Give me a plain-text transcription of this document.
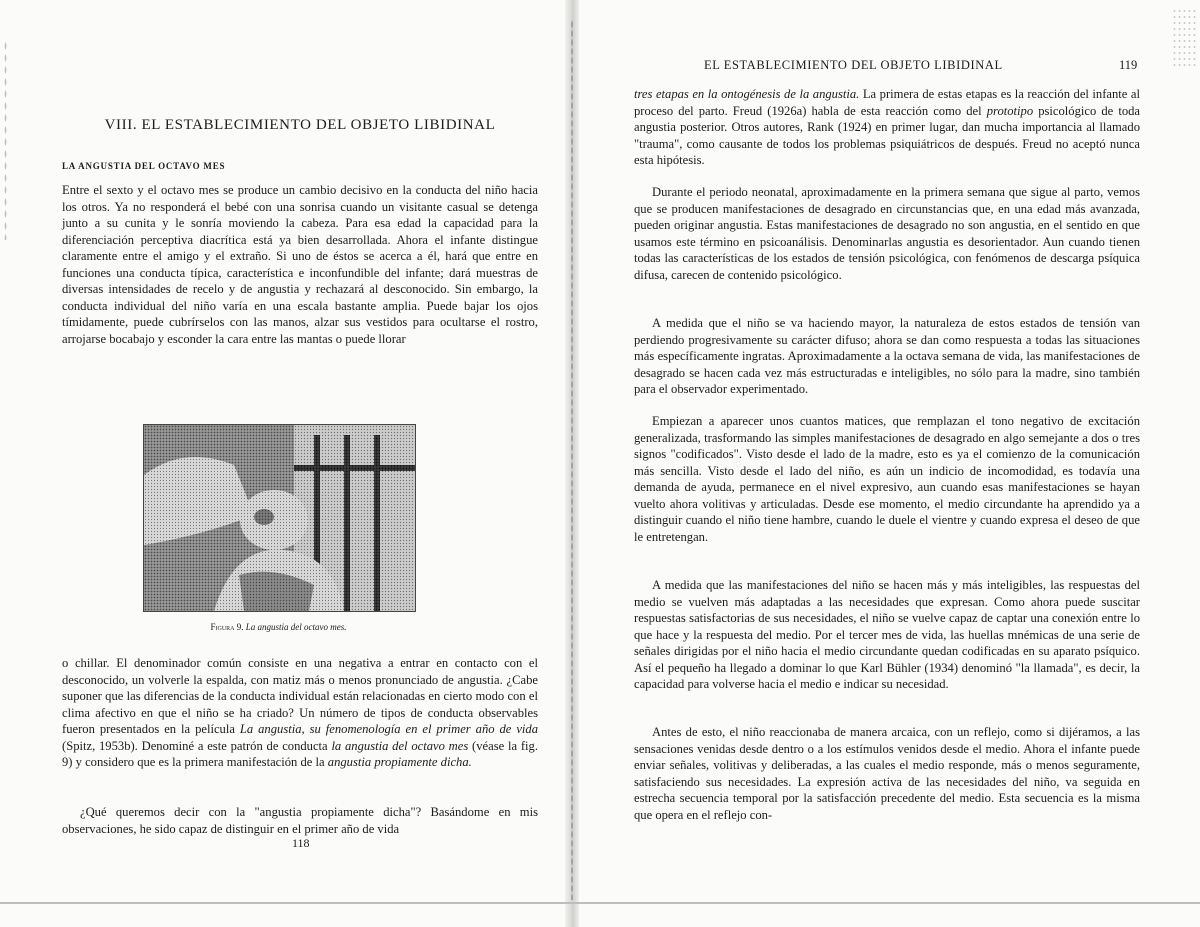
VIII. EL ESTABLECIMIENTO DEL OBJETO LIBIDINAL
LA ANGUSTIA DEL OCTAVO MES

Entre el sexto y el octavo mes se produce un cambio decisivo en la conducta del niño hacia los otros. Ya no responderá el bebé con una sonrisa cuando un visitante casual se detenga junto a su cunita y le sonría moviendo la cabeza. Para esa edad la capacidad para la diferenciación perceptiva diacrítica está ya bien desarrollada. Ahora el infante distingue claramente entre el amigo y el extraño. Si uno de éstos se acerca a él, hará que entre en funciones una conducta típica, característica e inconfundible del infante; dará muestras de diversas intensidades de recelo y de angustia y rechazará al desconocido. Sin embargo, la conducta individual del niño varía en una escala bastante amplia. Puede bajar los ojos tímidamente, puede cubrírselos con las manos, alzar sus vestidos para ocultarse el rostro, arrojarse bocabajo y esconder la cara entre las mantas o puede llorar

Figura 9. La angustia del octavo mes.

o chillar. El denominador común consiste en una negativa a entrar en contacto con el desconocido, un volverle la espalda, con matiz más o menos pronunciado de angustia. ¿Cabe suponer que las diferencias de la conducta individual están relacionadas en cierto modo con el clima afectivo en que el niño se ha criado? Un número de tipos de conducta observables fueron presentados en la película La angustia, su fenomenología en el primer año de vida (Spitz, 1953b). Denominé a este patrón de conducta la angustia del octavo mes (véase la fig. 9) y considero que es la primera manifestación de la angustia propiamente dicha.

¿Qué queremos decir con la "angustia propiamente dicha"? Basándome en mis observaciones, he sido capaz de distinguir en el primer año de vida

118
EL ESTABLECIMIENTO DEL OBJETO LIBIDINAL	119

tres etapas en la ontogénesis de la angustia. La primera de estas etapas es la reacción del infante al proceso del parto. Freud (1926a) habla de esta reacción como del prototipo psicológico de toda angustia posterior. Otros autores, Rank (1924) en primer lugar, dan mucha importancia al llamado "trauma", como causante de todos los problemas psiquiátricos de después. Freud no aceptó nunca esta hipótesis.

Durante el periodo neonatal, aproximadamente en la primera semana que sigue al parto, vemos que se producen manifestaciones de desagrado en circunstancias que, en una edad más avanzada, pueden originar angustia. Estas manifestaciones de desagrado no son angustia, en el sentido en que usamos este término en psicoanálisis. Denominarlas angustia es desorientador. Aun cuando tienen todas las características de los estados de tensión psicológica, con fenómenos de descarga psíquica difusa, carecen de contenido psicológico.

A medida que el niño se va haciendo mayor, la naturaleza de estos estados de tensión van perdiendo progresivamente su carácter difuso; ahora se dan como respuesta a todas las situaciones más específicamente ingratas. Aproximadamente a la octava semana de vida, las manifestaciones de desagrado se hacen cada vez más estructuradas e inteligibles, no sólo para la madre, sino también para el observador experimentado.

Empiezan a aparecer unos cuantos matices, que remplazan el tono negativo de excitación generalizada, trasformando las simples manifestaciones de desagrado en algo semejante a dos o tres signos "codificados". Visto desde el lado de la madre, esto es ya el comienzo de la comunicación más sencilla. Visto desde el lado del niño, es aún un indicio de incomodidad, es todavía una demanda de ayuda, permanece en el nivel expresivo, aun cuando esas manifestaciones se hayan vuelto ahora volitivas y articuladas. Desde ese momento, el medio circundante ha aprendido ya a distinguir cuando el niño tiene hambre, cuando le duele el vientre y cuando expresa el deseo de que le entretengan.

A medida que las manifestaciones del niño se hacen más y más inteligibles, las respuestas del medio se vuelven más adaptadas a las necesidades que expresan. Como ahora puede suscitar respuestas satisfactorias de sus necesidades, el niño se vuelve capaz de captar una conexión entre lo que hace y la respuesta del medio. Por el tercer mes de vida, las huellas mnémicas de una serie de señales dirigidas por el niño hacia el medio circundante quedan codificadas en su aparato psíquico. Así el pequeño ha llegado a dominar lo que Karl Bühler (1934) denominó "la llamada", es decir, la capacidad para volverse hacia el medio e indicar su necesidad.

Antes de esto, el niño reaccionaba de manera arcaica, con un reflejo, como si dijéramos, a las sensaciones venidas desde dentro o a los estímulos venidos desde el medio. Ahora el infante puede enviar señales, volitivas y deliberadas, a las cuales el medio responde, más o menos seguramente, satisfaciendo sus necesidades. La expresión activa de las necesidades del niño, va seguida en estrecha secuencia temporal por la satisfacción precedente del medio. Esta secuencia es la misma que opera en el reflejo con-
